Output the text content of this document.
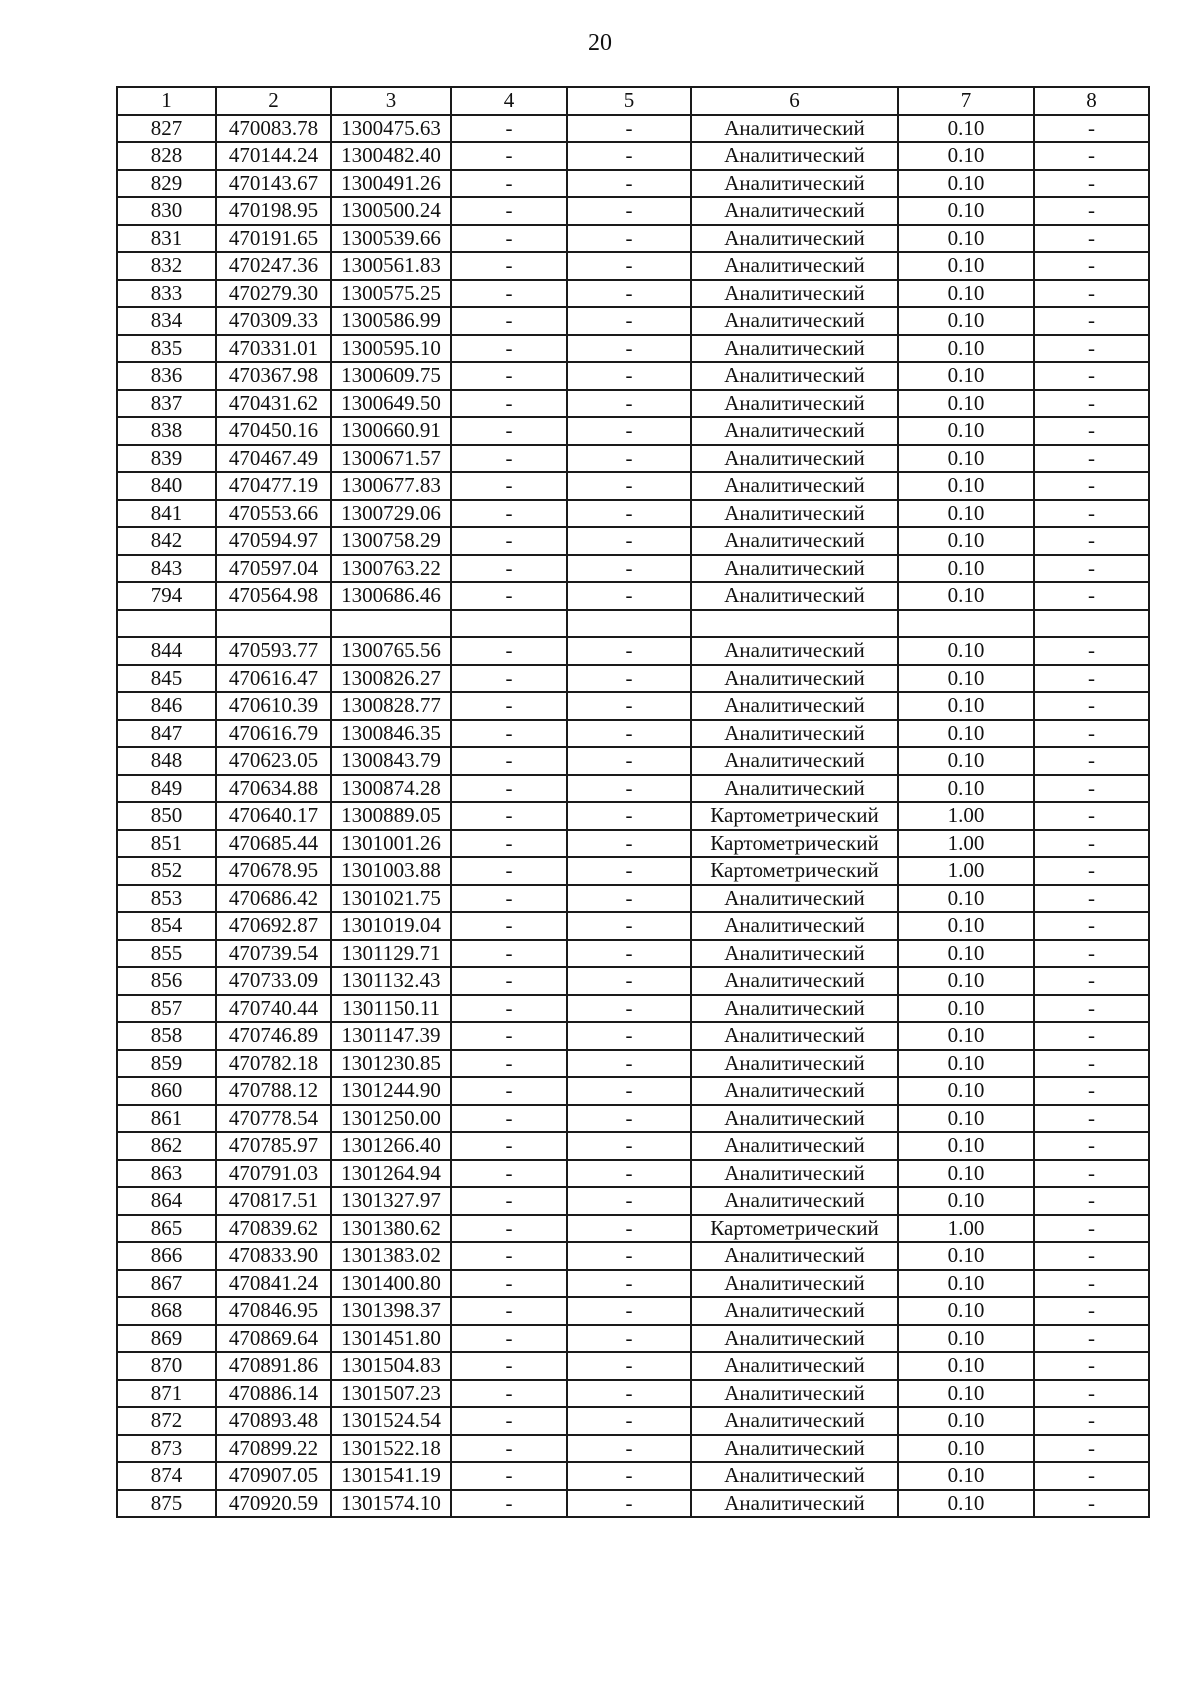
20
1	2	3	4	5	6	7	8
827	470083.78	1300475.63	-	-	Аналитический	0.10	-
828	470144.24	1300482.40	-	-	Аналитический	0.10	-
829	470143.67	1300491.26	-	-	Аналитический	0.10	-
830	470198.95	1300500.24	-	-	Аналитический	0.10	-
831	470191.65	1300539.66	-	-	Аналитический	0.10	-
832	470247.36	1300561.83	-	-	Аналитический	0.10	-
833	470279.30	1300575.25	-	-	Аналитический	0.10	-
834	470309.33	1300586.99	-	-	Аналитический	0.10	-
835	470331.01	1300595.10	-	-	Аналитический	0.10	-
836	470367.98	1300609.75	-	-	Аналитический	0.10	-
837	470431.62	1300649.50	-	-	Аналитический	0.10	-
838	470450.16	1300660.91	-	-	Аналитический	0.10	-
839	470467.49	1300671.57	-	-	Аналитический	0.10	-
840	470477.19	1300677.83	-	-	Аналитический	0.10	-
841	470553.66	1300729.06	-	-	Аналитический	0.10	-
842	470594.97	1300758.29	-	-	Аналитический	0.10	-
843	470597.04	1300763.22	-	-	Аналитический	0.10	-
794	470564.98	1300686.46	-	-	Аналитический	0.10	-

844	470593.77	1300765.56	-	-	Аналитический	0.10	-
845	470616.47	1300826.27	-	-	Аналитический	0.10	-
846	470610.39	1300828.77	-	-	Аналитический	0.10	-
847	470616.79	1300846.35	-	-	Аналитический	0.10	-
848	470623.05	1300843.79	-	-	Аналитический	0.10	-
849	470634.88	1300874.28	-	-	Аналитический	0.10	-
850	470640.17	1300889.05	-	-	Картометрический	1.00	-
851	470685.44	1301001.26	-	-	Картометрический	1.00	-
852	470678.95	1301003.88	-	-	Картометрический	1.00	-
853	470686.42	1301021.75	-	-	Аналитический	0.10	-
854	470692.87	1301019.04	-	-	Аналитический	0.10	-
855	470739.54	1301129.71	-	-	Аналитический	0.10	-
856	470733.09	1301132.43	-	-	Аналитический	0.10	-
857	470740.44	1301150.11	-	-	Аналитический	0.10	-
858	470746.89	1301147.39	-	-	Аналитический	0.10	-
859	470782.18	1301230.85	-	-	Аналитический	0.10	-
860	470788.12	1301244.90	-	-	Аналитический	0.10	-
861	470778.54	1301250.00	-	-	Аналитический	0.10	-
862	470785.97	1301266.40	-	-	Аналитический	0.10	-
863	470791.03	1301264.94	-	-	Аналитический	0.10	-
864	470817.51	1301327.97	-	-	Аналитический	0.10	-
865	470839.62	1301380.62	-	-	Картометрический	1.00	-
866	470833.90	1301383.02	-	-	Аналитический	0.10	-
867	470841.24	1301400.80	-	-	Аналитический	0.10	-
868	470846.95	1301398.37	-	-	Аналитический	0.10	-
869	470869.64	1301451.80	-	-	Аналитический	0.10	-
870	470891.86	1301504.83	-	-	Аналитический	0.10	-
871	470886.14	1301507.23	-	-	Аналитический	0.10	-
872	470893.48	1301524.54	-	-	Аналитический	0.10	-
873	470899.22	1301522.18	-	-	Аналитический	0.10	-
874	470907.05	1301541.19	-	-	Аналитический	0.10	-
875	470920.59	1301574.10	-	-	Аналитический	0.10	-
